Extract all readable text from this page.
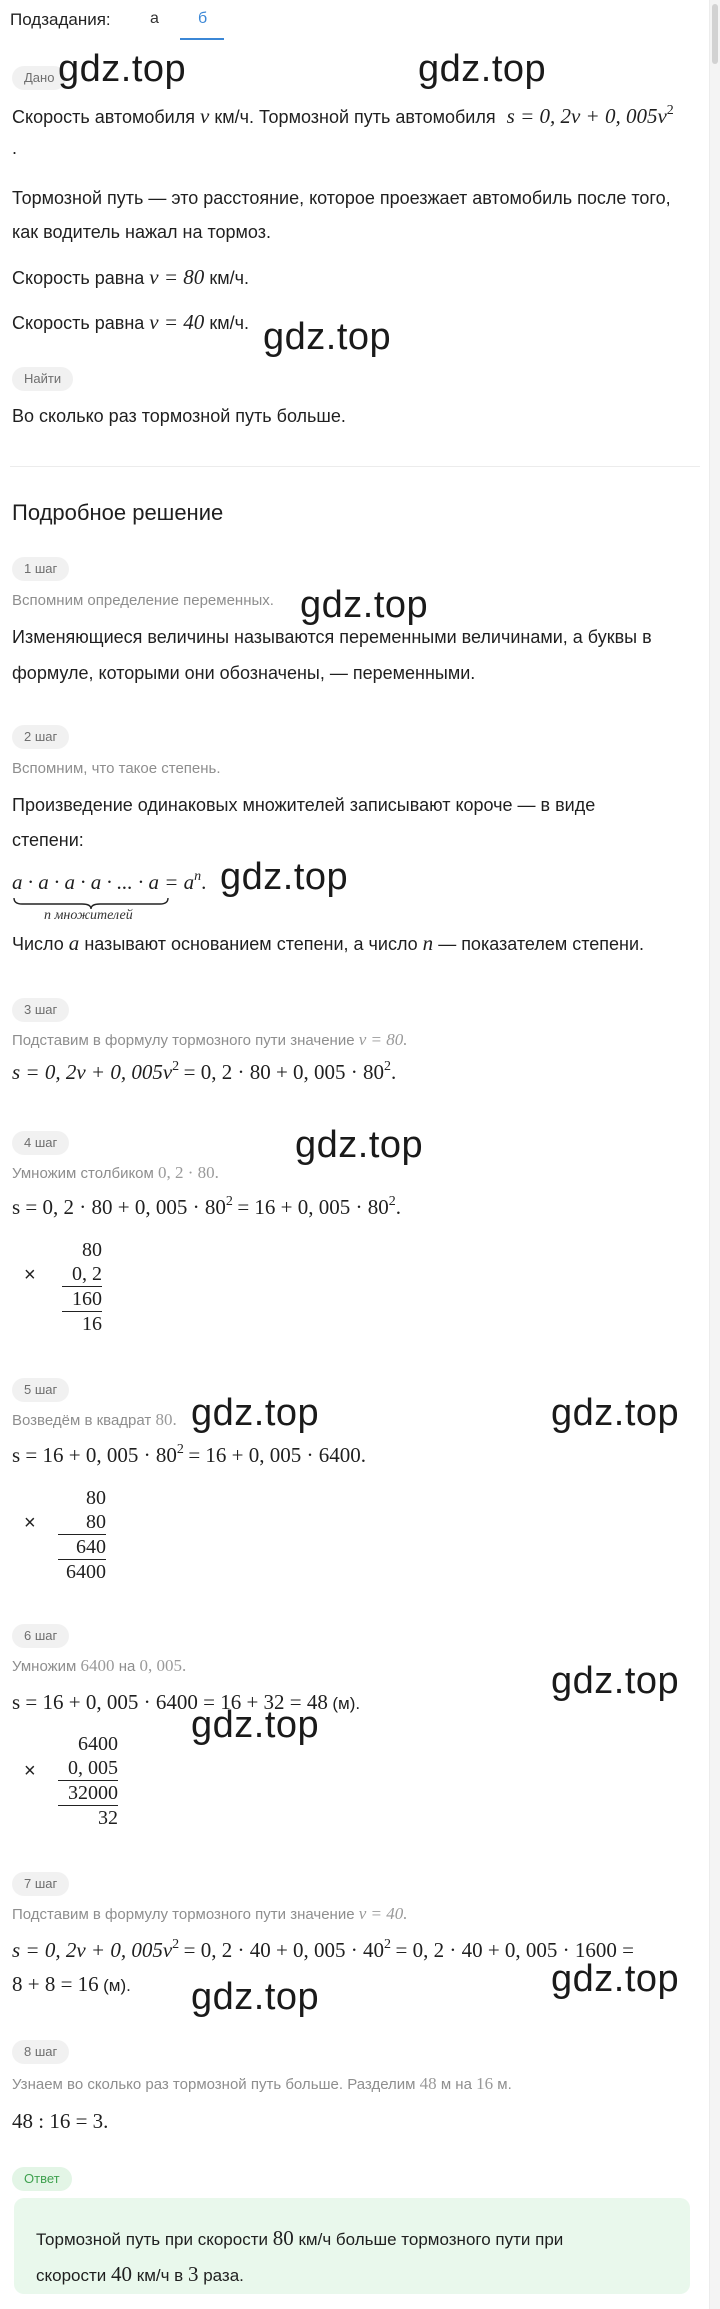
Подзадания: а б
Дано
Скорость автомобиля v км/ч. Тормозной путь автомобиля s = 0, 2v + 0, $005v^2$
.
Тормозной путь — это расстояние, которое проезжает автомобиль после того,
как водитель нажал на тормоз.
Скорость равна v = 80 км/ч.
Скорость равна v = 40 км/ч.
Найти
Во сколько раз тормозной путь больше.
Подробное решение
1 шаг
Вспомним определение переменных.
Изменяющиеся величины называются переменными величинами, а буквы в
формуле, которыми они обозначены, — переменными.
2 шаг
Вспомним, что такое степень.
Произведение одинаковых множителей записывают короче — в виде
степени:
a · a · a · a · ... · a = an.
n множителей
Число a называют основанием степени, а число n — показателем степени.
3 шаг
Подставим в формулу тормозного пути значение v = 80.
s = 0, 2v + 0, 005v2 = 0, 2 · 80 + 0, 005 · 802.
4 шаг
Умножим столбиком 0, 2 · 80.
s = 0, 2 · 80 + 0, 005 · 802 = 16 + 0, 005 · 802.
×
80
0, 2
160
16
5 шаг
Возведём в квадрат 80.
s = 16 + 0, 005 · 802 = 16 + 0, 005 · 6400.
×
80
80
640
6400
6 шаг
Умножим 6400 на 0, 005.
s = 16 + 0, 005 · 6400 = 16 + 32 = 48 (м).
×
6400
0, 005
32000
32
7 шаг
Подставим в формулу тормозного пути значение v = 40.
s = 0, 2v + 0, 005v2 = 0, 2 · 40 + 0, 005 · 402 = 0, 2 · 40 + 0, 005 · 1600 =
8 + 8 = 16 (м).
8 шаг
Узнаем во сколько раз тормозной путь больше. Разделим 48 м на 16 м.
48 : 16 = 3.
Ответ
Тормозной путь при скорости 80 км/ч больше тормозного пути при
скорости 40 км/ч в 3 раза.
gdz.top	gdz.top
gdz.top
gdz.top
gdz.top
gdz.top
gdz.top	gdz.top
gdz.top
gdz.top
gdz.top
gdz.top
